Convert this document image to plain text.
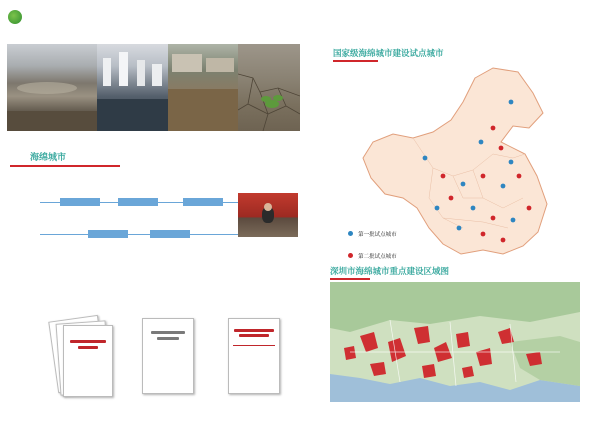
海绵城市
国家级海绵城市建设试点城市
第一批试点城市
第二批试点城市
深圳市海绵城市重点建设区域图
